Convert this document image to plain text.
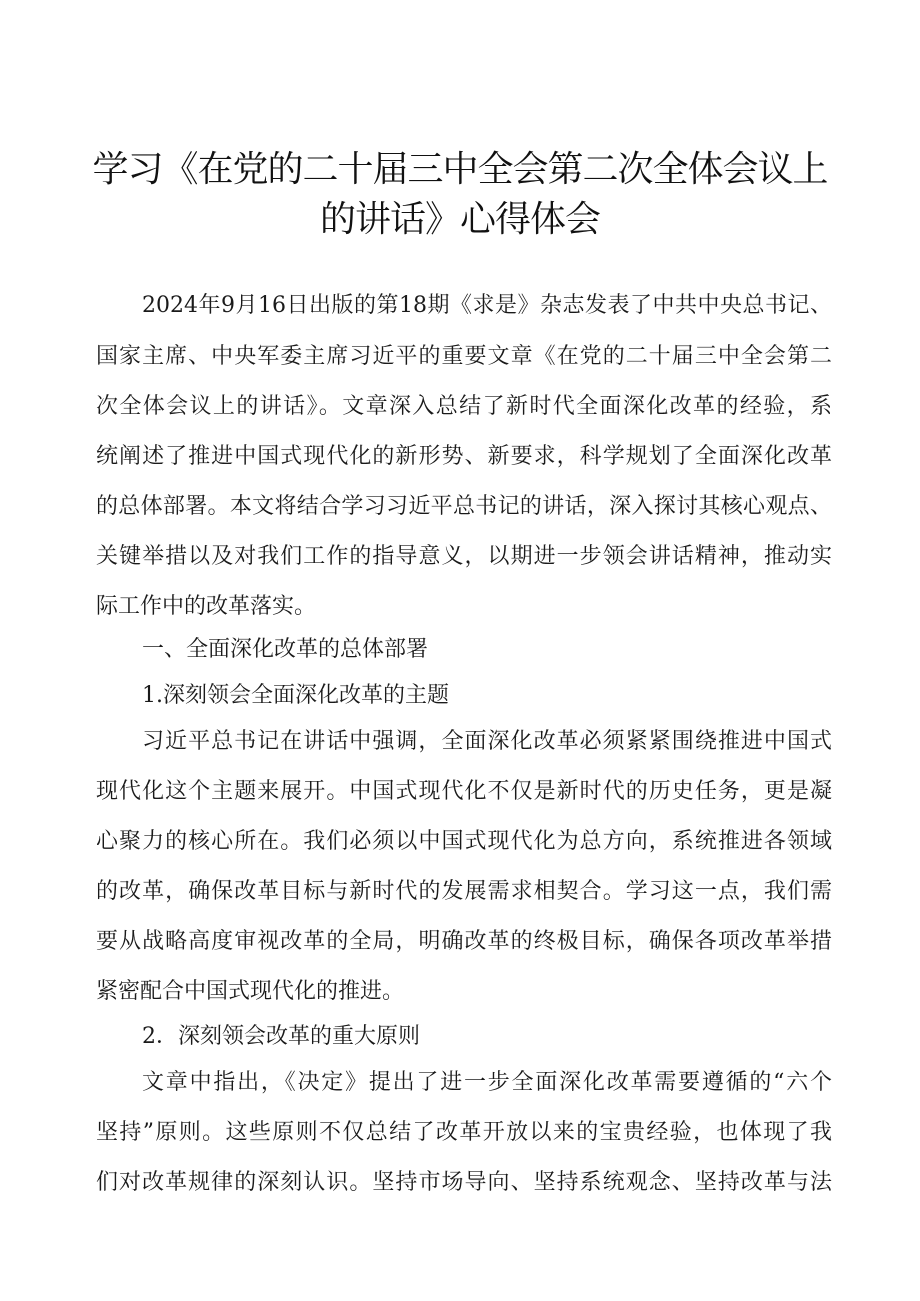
学习《在党的二十届三中全会第二次全体会议上
的讲话》心得体会
2024年9月16日出版的第18期《求是》杂志发表了中共中央总书记、
国家主席、中央军委主席习近平的重要文章《在党的二十届三中全会第二
次全体会议上的讲话》。文章深入总结了新时代全面深化改革的经验，系
统阐述了推进中国式现代化的新形势、新要求，科学规划了全面深化改革
的总体部署。本文将结合学习习近平总书记的讲话，深入探讨其核心观点、
关键举措以及对我们工作的指导意义，以期进一步领会讲话精神，推动实
际工作中的改革落实。
一、全面深化改革的总体部署
1.深刻领会全面深化改革的主题
习近平总书记在讲话中强调，全面深化改革必须紧紧围绕推进中国式
现代化这个主题来展开。中国式现代化不仅是新时代的历史任务，更是凝
心聚力的核心所在。我们必须以中国式现代化为总方向，系统推进各领域
的改革，确保改革目标与新时代的发展需求相契合。学习这一点，我们需
要从战略高度审视改革的全局，明确改革的终极目标，确保各项改革举措
紧密配合中国式现代化的推进。
2．深刻领会改革的重大原则
文章中指出，《决定》提出了进一步全面深化改革需要遵循的“六个
坚持”原则。这些原则不仅总结了改革开放以来的宝贵经验，也体现了我
们对改革规律的深刻认识。坚持市场导向、坚持系统观念、坚持改革与法
